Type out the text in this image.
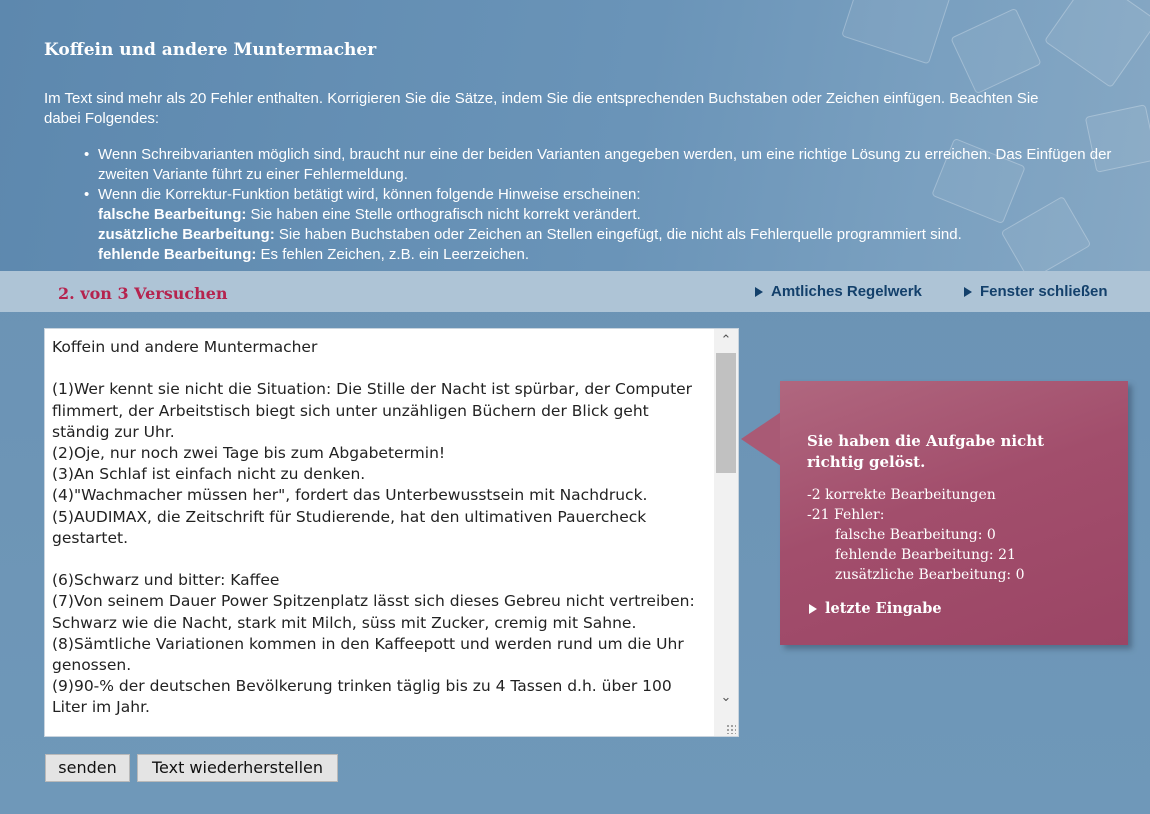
Koffein und andere Muntermacher
Im Text sind mehr als 20 Fehler enthalten. Korrigieren Sie die Sätze, indem Sie die entsprechenden Buchstaben oder Zeichen einfügen. Beachten Sie dabei Folgendes:
• Wenn Schreibvarianten möglich sind, braucht nur eine der beiden Varianten angegeben werden, um eine richtige Lösung zu erreichen. Das Einfügen der zweiten Variante führt zu einer Fehlermeldung.
• Wenn die Korrektur-Funktion betätigt wird, können folgende Hinweise erscheinen:
falsche Bearbeitung: Sie haben eine Stelle orthografisch nicht korrekt verändert.
zusätzliche Bearbeitung: Sie haben Buchstaben oder Zeichen an Stellen eingefügt, die nicht als Fehlerquelle programmiert sind.
fehlende Bearbeitung: Es fehlen Zeichen, z.B. ein Leerzeichen.
2. von 3 Versuchen	Amtliches Regelwerk	Fenster schließen
Koffein und andere Muntermacher

(1)Wer kennt sie nicht die Situation: Die Stille der Nacht ist spürbar, der Computer flimmert, der Arbeitstisch biegt sich unter unzähligen Büchern der Blick geht ständig zur Uhr.
(2)Oje, nur noch zwei Tage bis zum Abgabetermin!
(3)An Schlaf ist einfach nicht zu denken.
(4)"Wachmacher müssen her", fordert das Unterbewusstsein mit Nachdruck.
(5)AUDIMAX, die Zeitschrift für Studierende, hat den ultimativen Pauercheck gestartet.

(6)Schwarz und bitter: Kaffee
(7)Von seinem Dauer Power Spitzenplatz lässt sich dieses Gebreu nicht vertreiben: Schwarz wie die Nacht, stark mit Milch, süss mit Zucker, cremig mit Sahne.
(8)Sämtliche Variationen kommen in den Kaffeepott und werden rund um die Uhr genossen.
(9)90-% der deutschen Bevölkerung trinken täglig bis zu 4 Tassen d.h. über 100 Liter im Jahr.
⌃
⌄
senden	Text wiederherstellen
Sie haben die Aufgabe nicht richtig gelöst.
-2 korrekte Bearbeitungen
-21 Fehler:
falsche Bearbeitung: 0
fehlende Bearbeitung: 21
zusätzliche Bearbeitung: 0
letzte Eingabe
